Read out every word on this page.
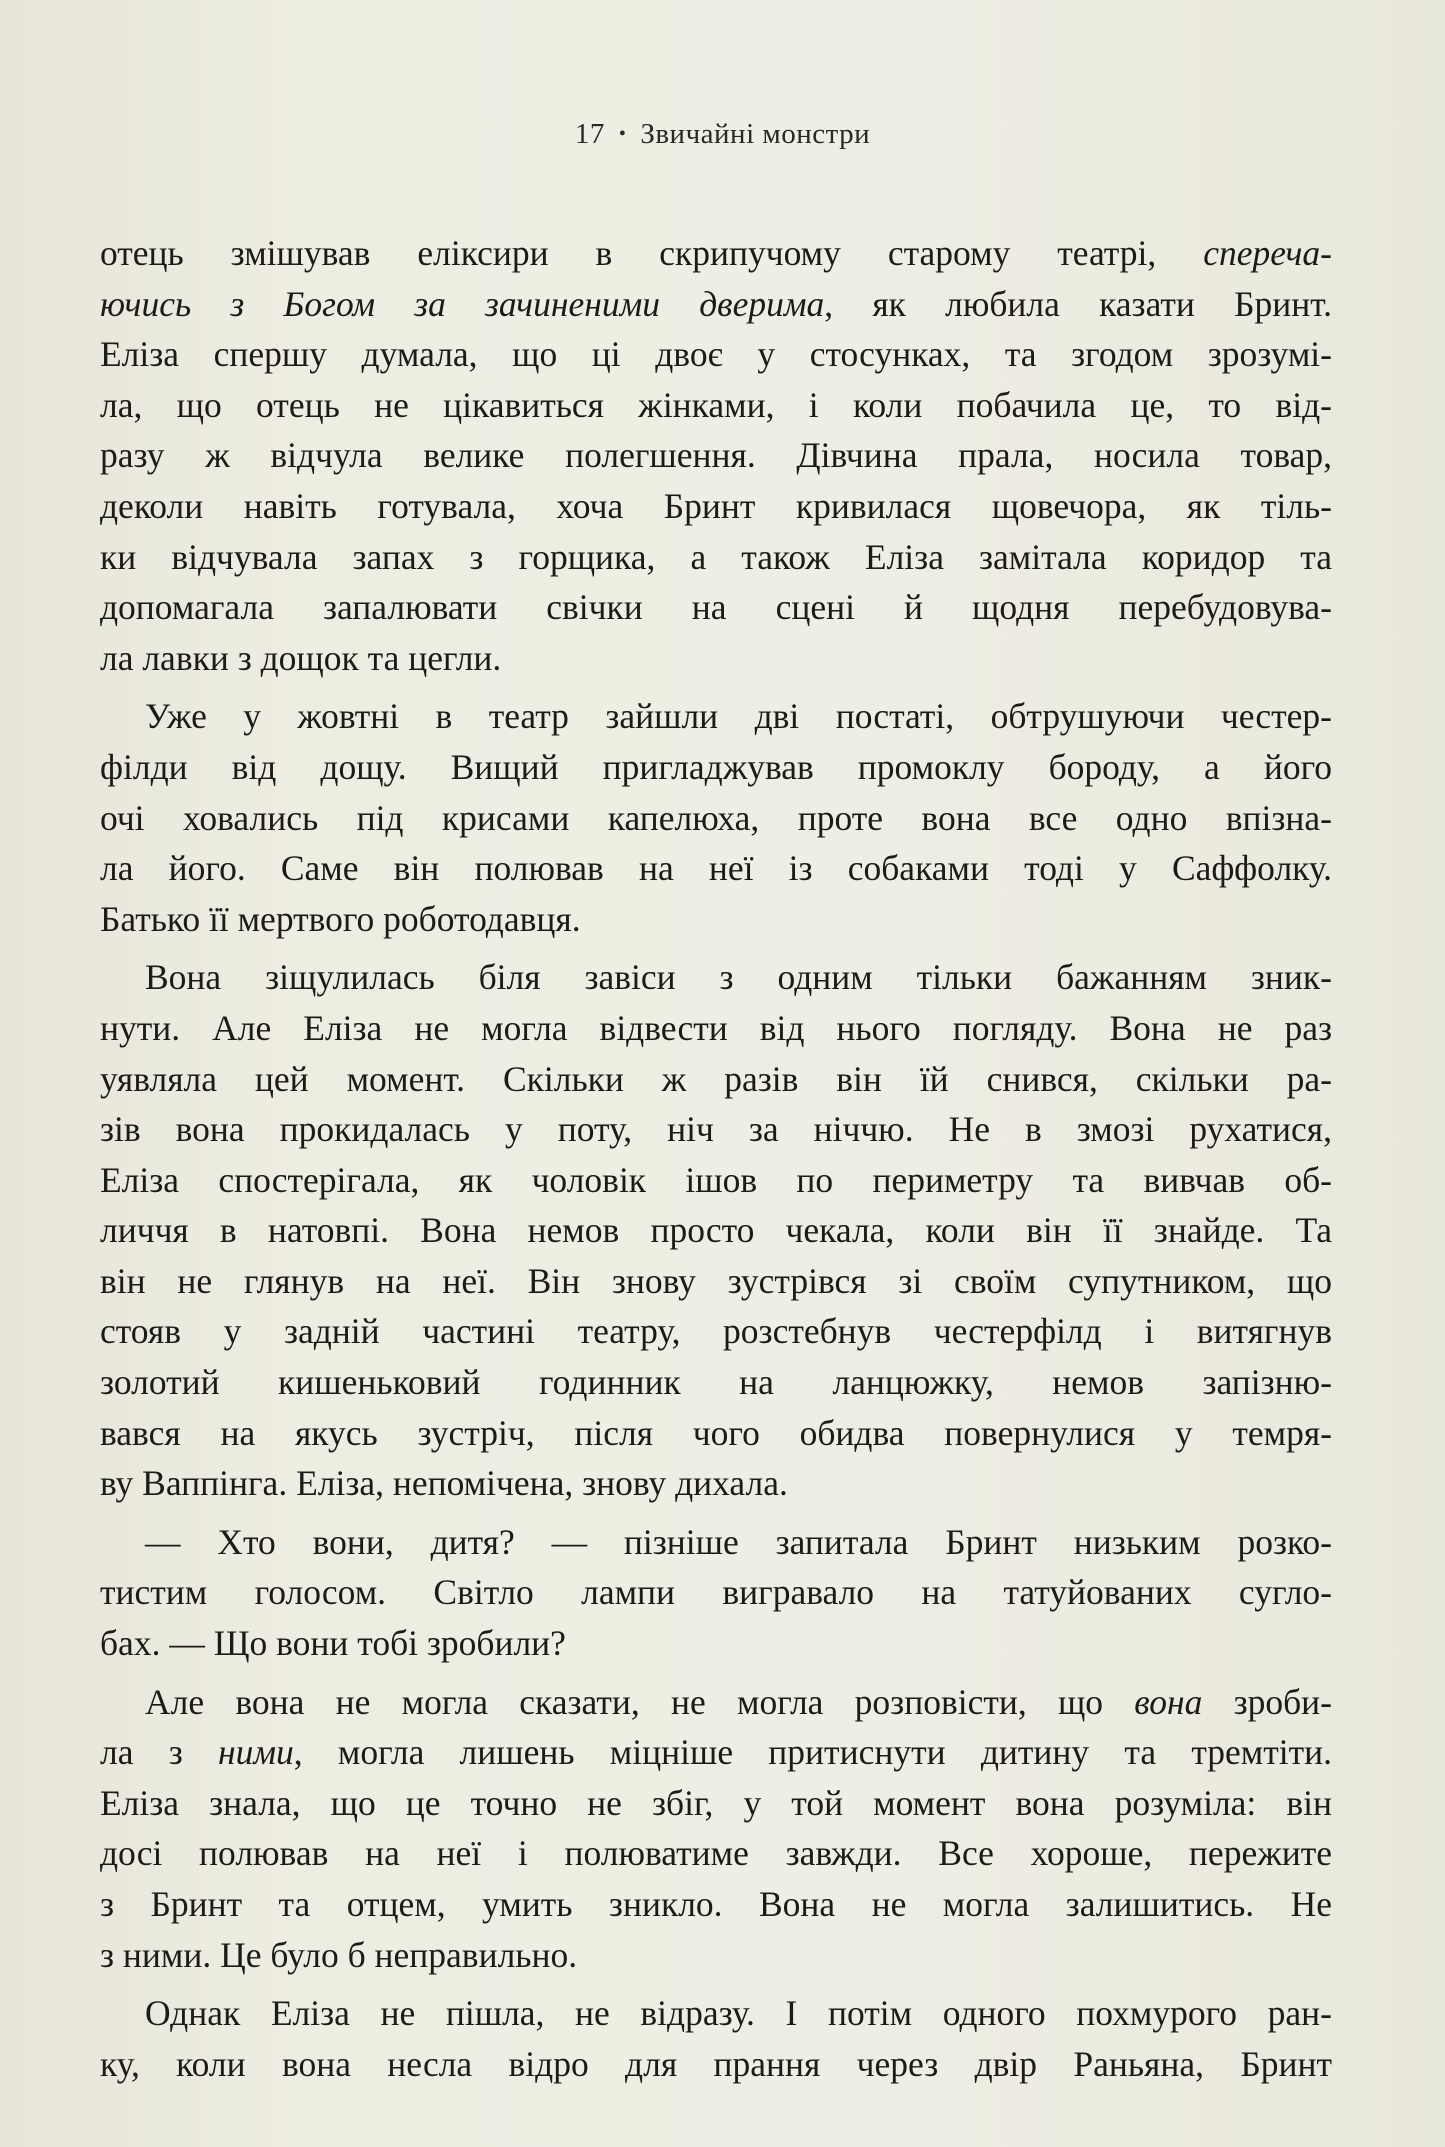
17 • Звичайні монстри
отець змішував еліксири в скрипучому старому театрі, спереча-
ючись з Богом за зачиненими дверима, як любила казати Бринт.
Еліза спершу думала, що ці двоє у стосунках, та згодом зрозумі-
ла, що отець не цікавиться жінками, і коли побачила це, то від-
разу ж відчула велике полегшення. Дівчина прала, носила товар,
деколи навіть готувала, хоча Бринт кривилася щовечора, як тіль-
ки відчувала запах з горщика, а також Еліза замітала коридор та
допомагала запалювати свічки на сцені й щодня перебудовува-
ла лавки з дощок та цегли.
Уже у жовтні в театр зайшли дві постаті, обтрушуючи честер-
філди від дощу. Вищий пригладжував промоклу бороду, а його
очі ховались під крисами капелюха, проте вона все одно впізна-
ла його. Саме він полював на неї із собаками тоді у Саффолку.
Батько її мертвого роботодавця.
Вона зіщулилась біля завіси з одним тільки бажанням зник-
нути. Але Еліза не могла відвести від нього погляду. Вона не раз
уявляла цей момент. Скільки ж разів він їй снився, скільки ра-
зів вона прокидалась у поту, ніч за ніччю. Не в змозі рухатися,
Еліза спостерігала, як чоловік ішов по периметру та вивчав об-
личчя в натовпі. Вона немов просто чекала, коли він її знайде. Та
він не глянув на неї. Він знову зустрівся зі своїм супутником, що
стояв у задній частині театру, розстебнув честерфілд і витягнув
золотий кишеньковий годинник на ланцюжку, немов запізню-
вався на якусь зустріч, після чого обидва повернулися у темря-
ву Ваппінга. Еліза, непомічена, знову дихала.
— Хто вони, дитя? — пізніше запитала Бринт низьким розко-
тистим голосом. Світло лампи вигравало на татуйованих сугло-
бах. — Що вони тобі зробили?
Але вона не могла сказати, не могла розповісти, що вона зроби-
ла з ними, могла лишень міцніше притиснути дитину та тремтіти.
Еліза знала, що це точно не збіг, у той момент вона розуміла: він
досі полював на неї і полюватиме завжди. Все хороше, пережите
з Бринт та отцем, умить зникло. Вона не могла залишитись. Не
з ними. Це було б неправильно.
Однак Еліза не пішла, не відразу. І потім одного похмурого ран-
ку, коли вона несла відро для прання через двір Раньяна, Бринт
